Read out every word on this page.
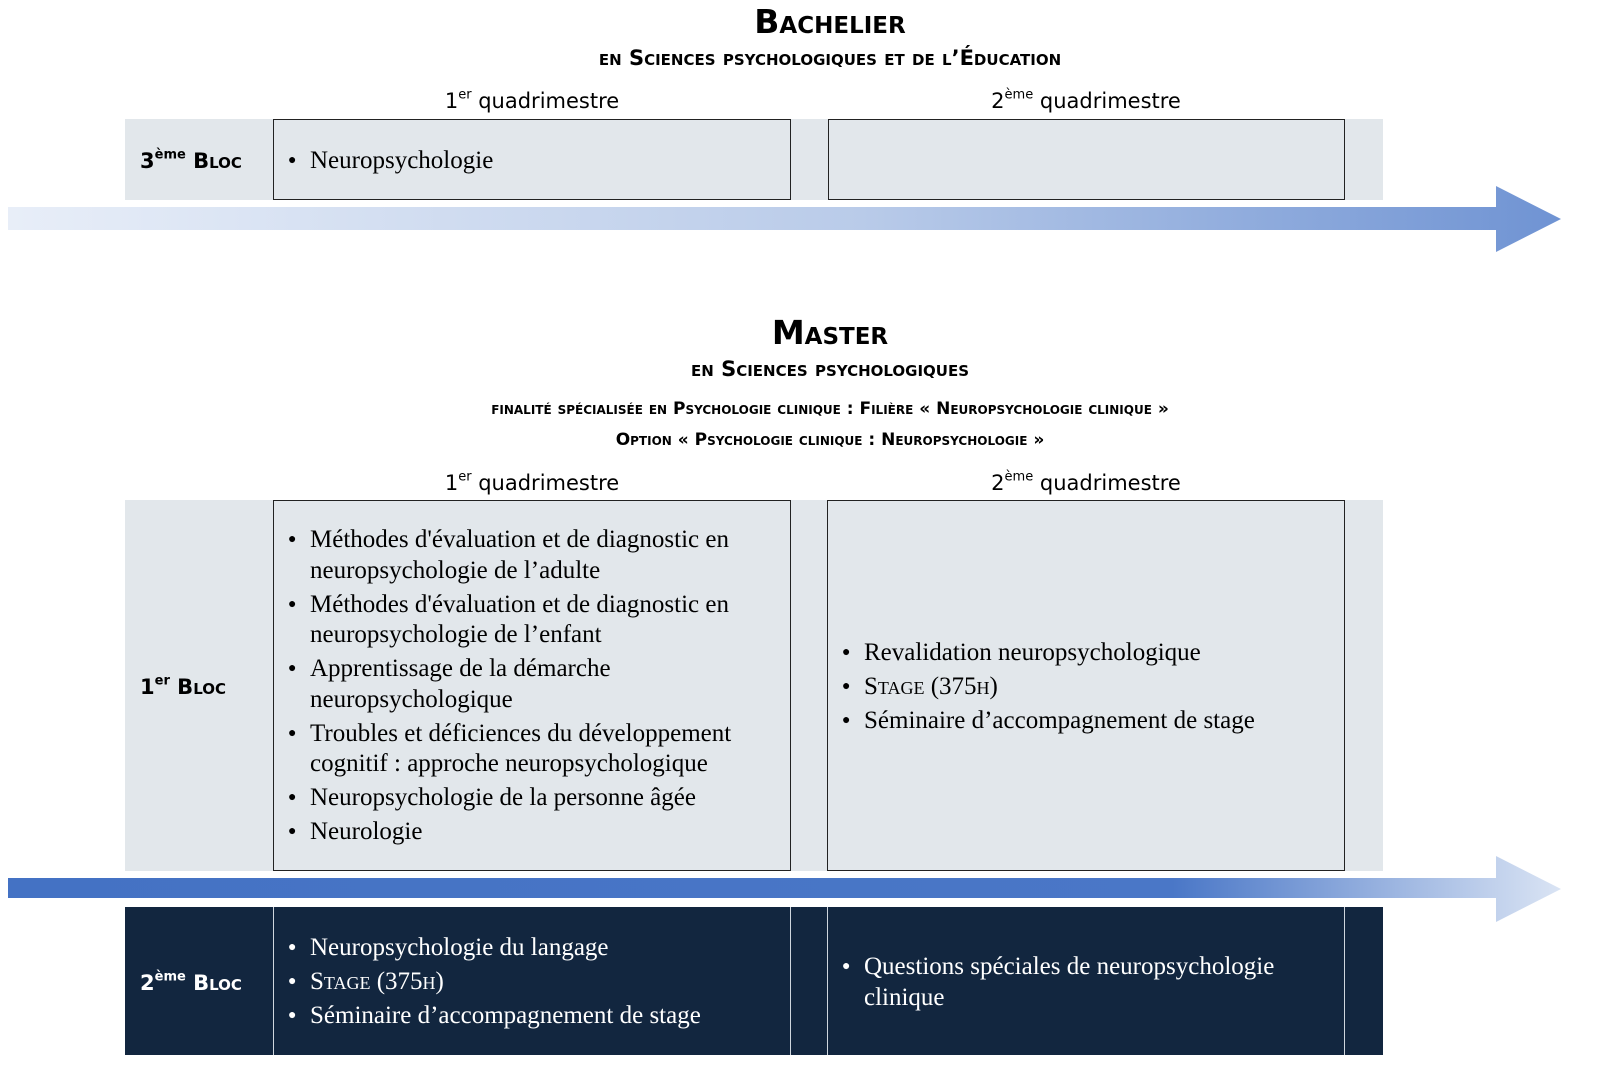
Bachelier
en Sciences psychologiques et de l’Éducation
1er quadrimestre	2ème quadrimestre
3ème Bloc
●	Neuropsychologie
Master
en Sciences psychologiques
finalité spécialisée en Psychologie clinique : Filière « Neuropsychologie clinique »
Option « Psychologie clinique : Neuropsychologie »
1er quadrimestre	2ème quadrimestre
1er Bloc
● Méthodes d'évaluation et de diagnostic en neuropsychologie de l’adulte
● Méthodes d'évaluation et de diagnostic en neuropsychologie de l’enfant
● Apprentissage de la démarche neuropsychologique
● Troubles et déficiences du développement cognitif : approche neuropsychologique
● Neuropsychologie de la personne âgée
● Neurologie
● Revalidation neuropsychologique
● Stage (375h)
● Séminaire d’accompagnement de stage
2ème Bloc
● Neuropsychologie du langage
● Stage (375h)
● Séminaire d’accompagnement de stage
● Questions spéciales de neuropsychologie clinique
